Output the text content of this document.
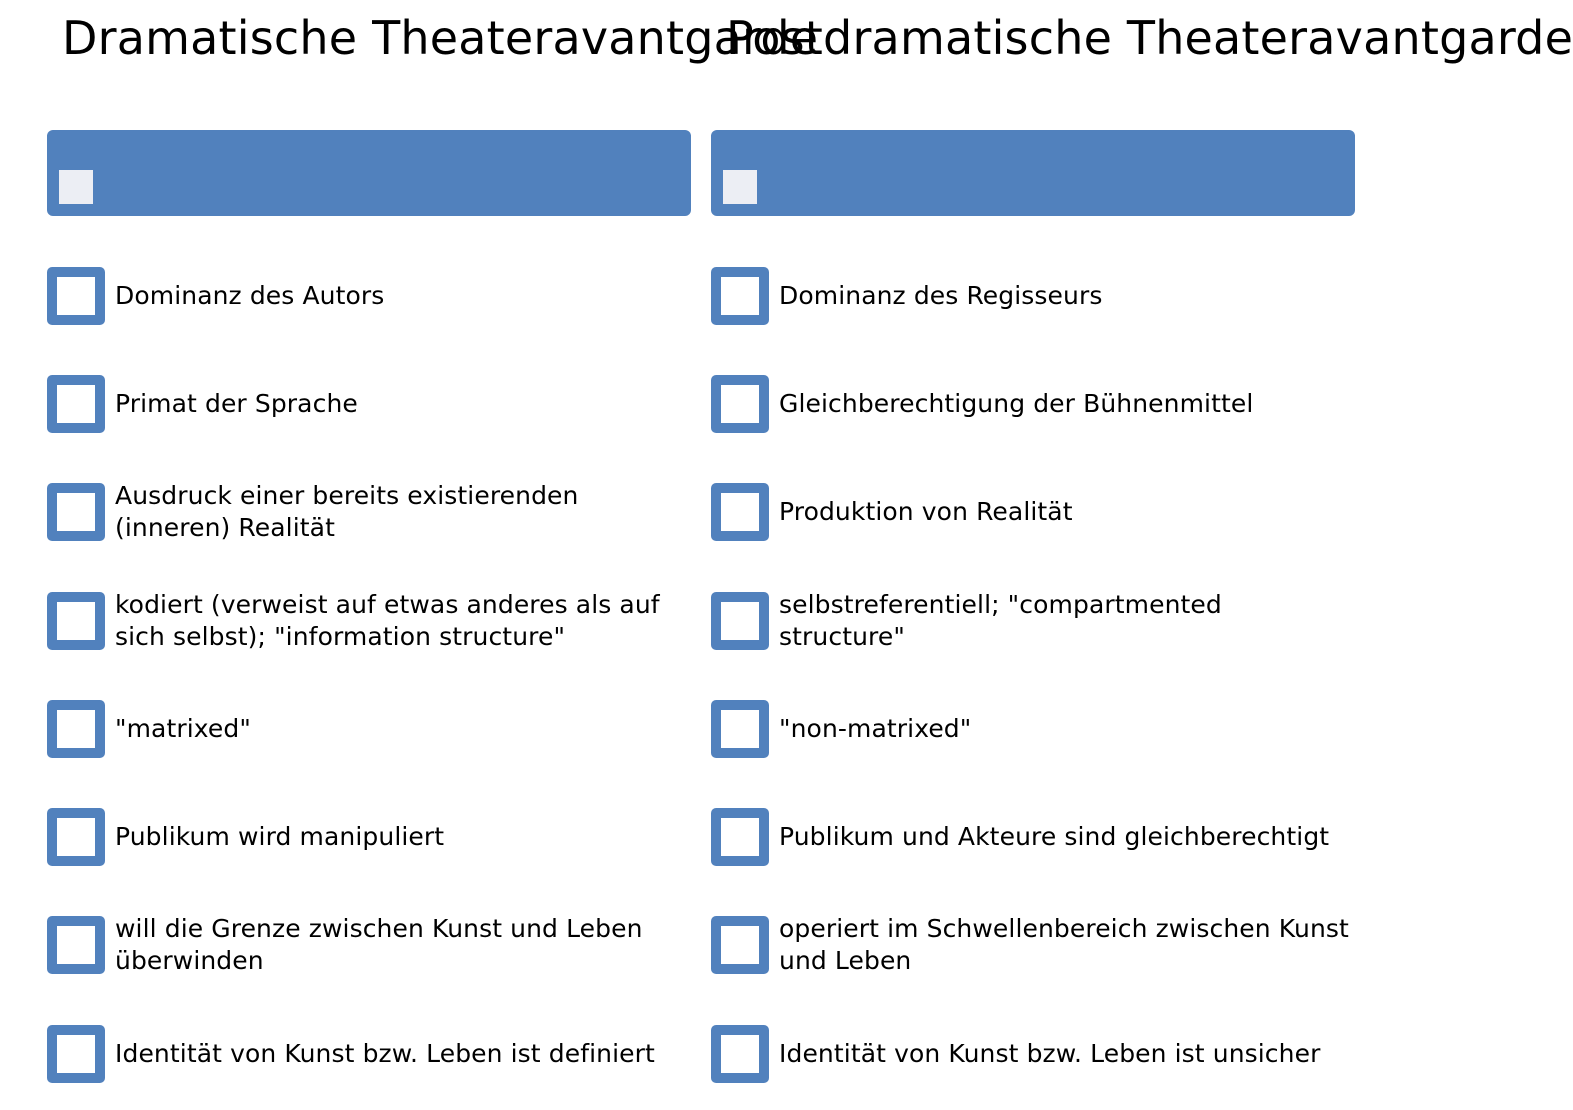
Dramatische Theateravantgarde

Dominanz des Autors

Primat der Sprache

Ausdruck einer bereits existierenden (inneren) Realität

kodiert (verweist auf etwas anderes als auf sich selbst); "information structure"

"matrixed"

Publikum wird manipuliert

will die Grenze zwischen Kunst und Leben überwinden

Identität von Kunst bzw. Leben ist definiert

Postdramatische Theateravantgarde

Dominanz des Regisseurs

Gleichberechtigung der Bühnenmittel

Produktion von Realität

selbstreferentiell; "compartmented structure"

"non-matrixed"

Publikum und Akteure sind gleichberechtigt

operiert im Schwellenbereich zwischen Kunst und Leben

Identität von Kunst bzw. Leben ist unsicher
